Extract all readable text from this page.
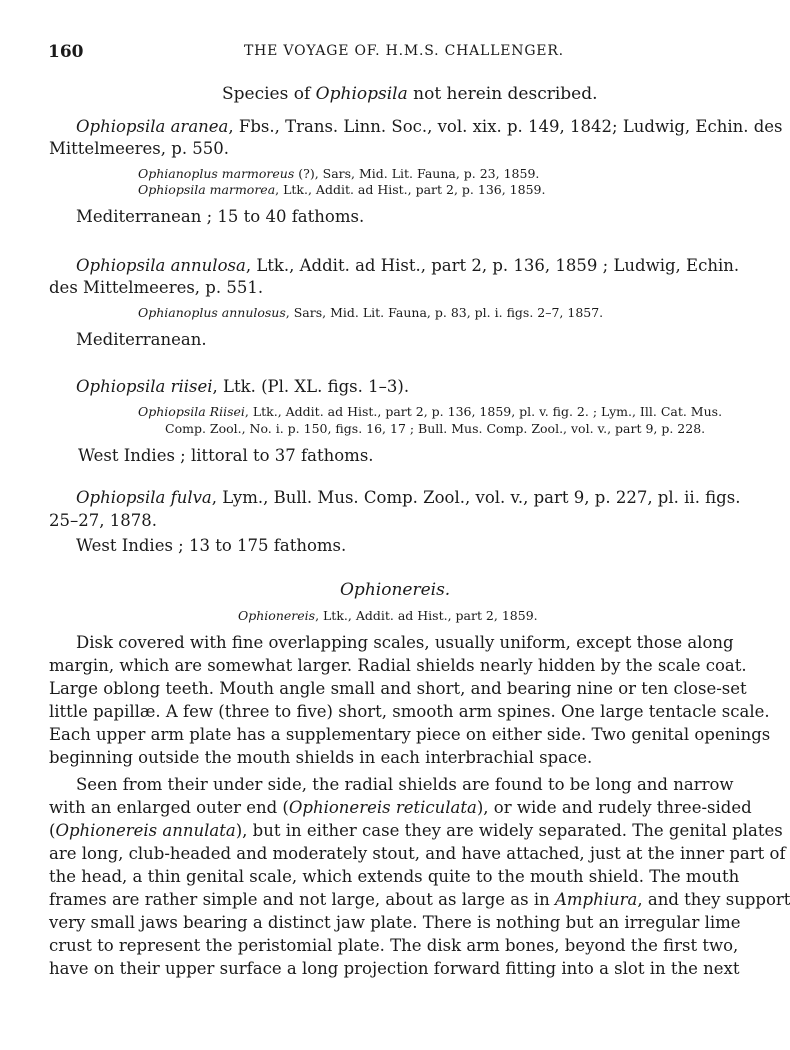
160	THE VOYAGE OF. H.M.S. CHALLENGER.
Species of Ophiopsila not herein described.
Ophiopsila aranea, Fbs., Trans. Linn. Soc., vol. xix. p. 149, 1842; Ludwig, Echin. des
Mittelmeeres, p. 550.
Ophianoplus marmoreus (?), Sars, Mid. Lit. Fauna, p. 23, 1859.
Ophiopsila marmorea, Ltk., Addit. ad Hist., part 2, p. 136, 1859.
Mediterranean ; 15 to 40 fathoms.
Ophiopsila annulosa, Ltk., Addit. ad Hist., part 2, p. 136, 1859 ; Ludwig, Echin.
des Mittelmeeres, p. 551.
Ophianoplus annulosus, Sars, Mid. Lit. Fauna, p. 83, pl. i. figs. 2–7, 1857.
Mediterranean.
Ophiopsila riisei, Ltk. (Pl. XL. figs. 1–3).
Ophiopsila Riisei, Ltk., Addit. ad Hist., part 2, p. 136, 1859, pl. v. fig. 2. ; Lym., Ill. Cat. Mus.
Comp. Zool., No. i. p. 150, figs. 16, 17 ; Bull. Mus. Comp. Zool., vol. v., part 9, p. 228.
West Indies ; littoral to 37 fathoms.
Ophiopsila fulva, Lym., Bull. Mus. Comp. Zool., vol. v., part 9, p. 227, pl. ii. figs.
25–27, 1878.
West Indies ; 13 to 175 fathoms.
Ophionereis.
Ophionereis, Ltk., Addit. ad Hist., part 2, 1859.
Disk covered with fine overlapping scales, usually uniform, except those along
margin, which are somewhat larger. Radial shields nearly hidden by the scale coat.
Large oblong teeth. Mouth angle small and short, and bearing nine or ten close-set
little papillæ. A few (three to five) short, smooth arm spines. One large tentacle scale.
Each upper arm plate has a supplementary piece on either side. Two genital openings
beginning outside the mouth shields in each interbrachial space.
Seen from their under side, the radial shields are found to be long and narrow
with an enlarged outer end (Ophionereis reticulata), or wide and rudely three-sided
(Ophionereis annulata), but in either case they are widely separated. The genital plates
are long, club-headed and moderately stout, and have attached, just at the inner part of
the head, a thin genital scale, which extends quite to the mouth shield. The mouth
frames are rather simple and not large, about as large as in Amphiura, and they support
very small jaws bearing a distinct jaw plate. There is nothing but an irregular lime
crust to represent the peristomial plate. The disk arm bones, beyond the first two,
have on their upper surface a long projection forward fitting into a slot in the next
